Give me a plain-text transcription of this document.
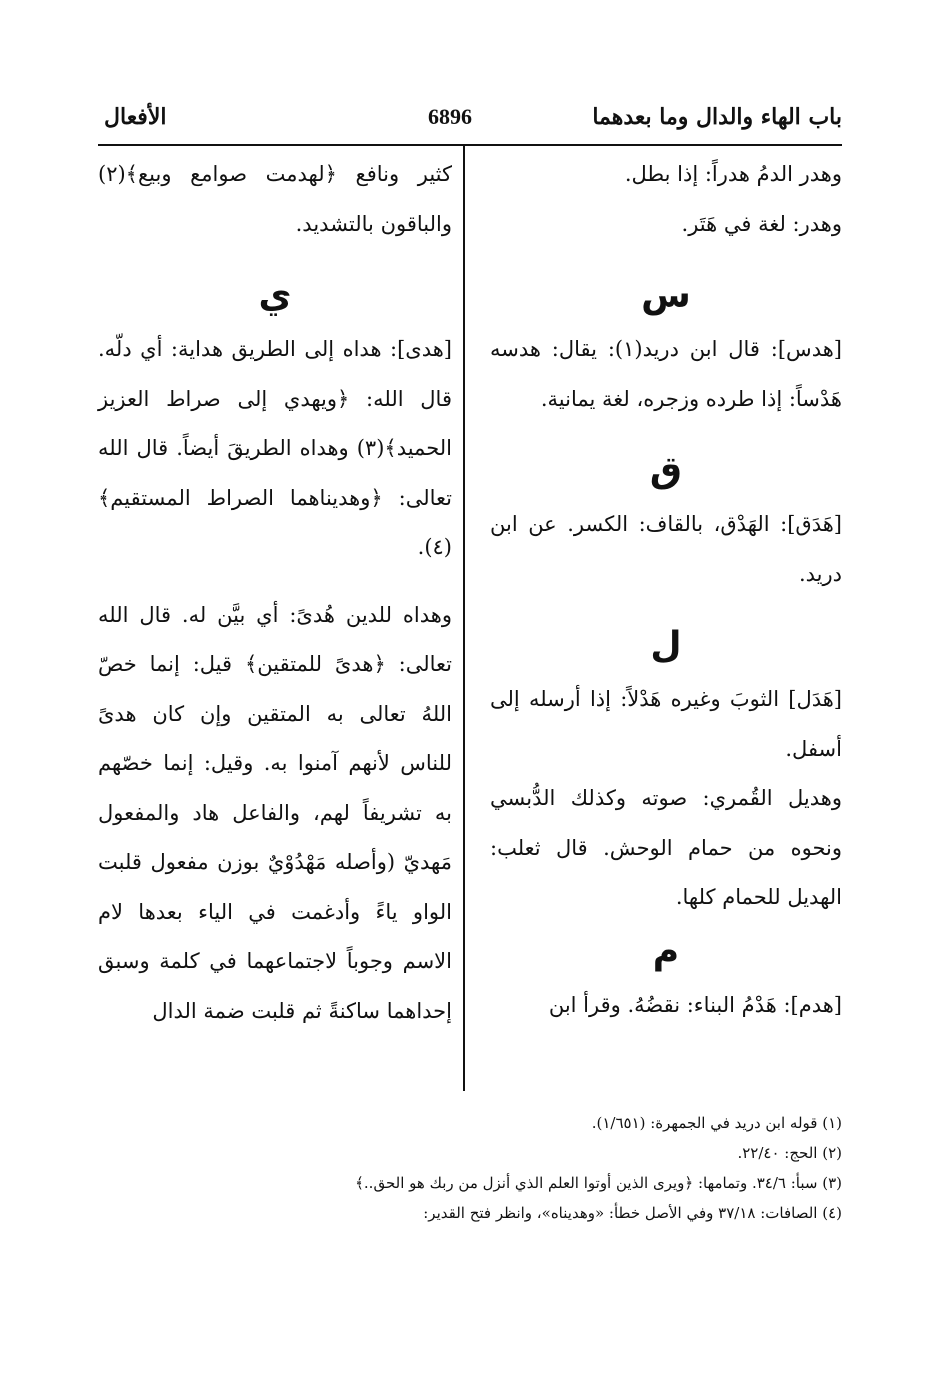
باب الهاء والدال وما بعدهما
6896
الأفعال

وهدر الدمُ هدراً: إذا بطل.

وهدر: لغة في هَتَر.

س

[هدس]: قال ابن دريد(١): يقال: هدسه هَدْساً: إذا طرده وزجره، لغة يمانية.

ق

[هَدَق]: الهَدْق، بالقاف: الكسر. عن ابن دريد.

ل

[هَدَل] الثوبَ وغيره هَدْلاً: إذا أرسله إلى أسفل.

وهديل القُمري: صوته وكذلك الدُّبسي ونحوه من حمام الوحش. قال ثعلب: الهديل للحمام كلها.

م

[هدم]: هَدْمُ البناء: نقضُهُ. وقرأ ابن

كثير ونافع ﴿لهدمت صوامع وبيع﴾(٢) والباقون بالتشديد.

ي

[هدى]: هداه إلى الطريق هداية: أي دلّه. قال الله: ﴿ويهدي إلى صراط العزيز الحميد﴾(٣) وهداه الطريقَ أيضاً. قال الله تعالى: ﴿وهديناهما الصراط المستقيم﴾(٤).

وهداه للدين هُدىً: أي بيَّن له. قال الله تعالى: ﴿هدىً للمتقين﴾ قيل: إنما خصّ اللهُ تعالى به المتقين وإن كان هدىً للناس لأنهم آمنوا به. وقيل: إنما خصّهم به تشريفاً لهم، والفاعل هاد والمفعول مَهديّ (وأصله مَهْدُوْيٌ بوزن مفعول قلبت الواو ياءً وأدغمت في الياء بعدها لام الاسم وجوباً لاجتماعهما في كلمة وسبق إحداهما ساكنةً ثم قلبت ضمة الدال

(١) قوله ابن دريد في الجمهرة: (١/٦٥١).

(٢) الحج: ٢٢/٤٠.

(٣) سبأ: ٣٤/٦. وتمامها: ﴿ويرى الذين أوتوا العلم الذي أنزل من ربك هو الحق..﴾

(٤) الصافات: ٣٧/١٨ وفي الأصل خطأ: «وهديناه»، وانظر فتح القدير:
